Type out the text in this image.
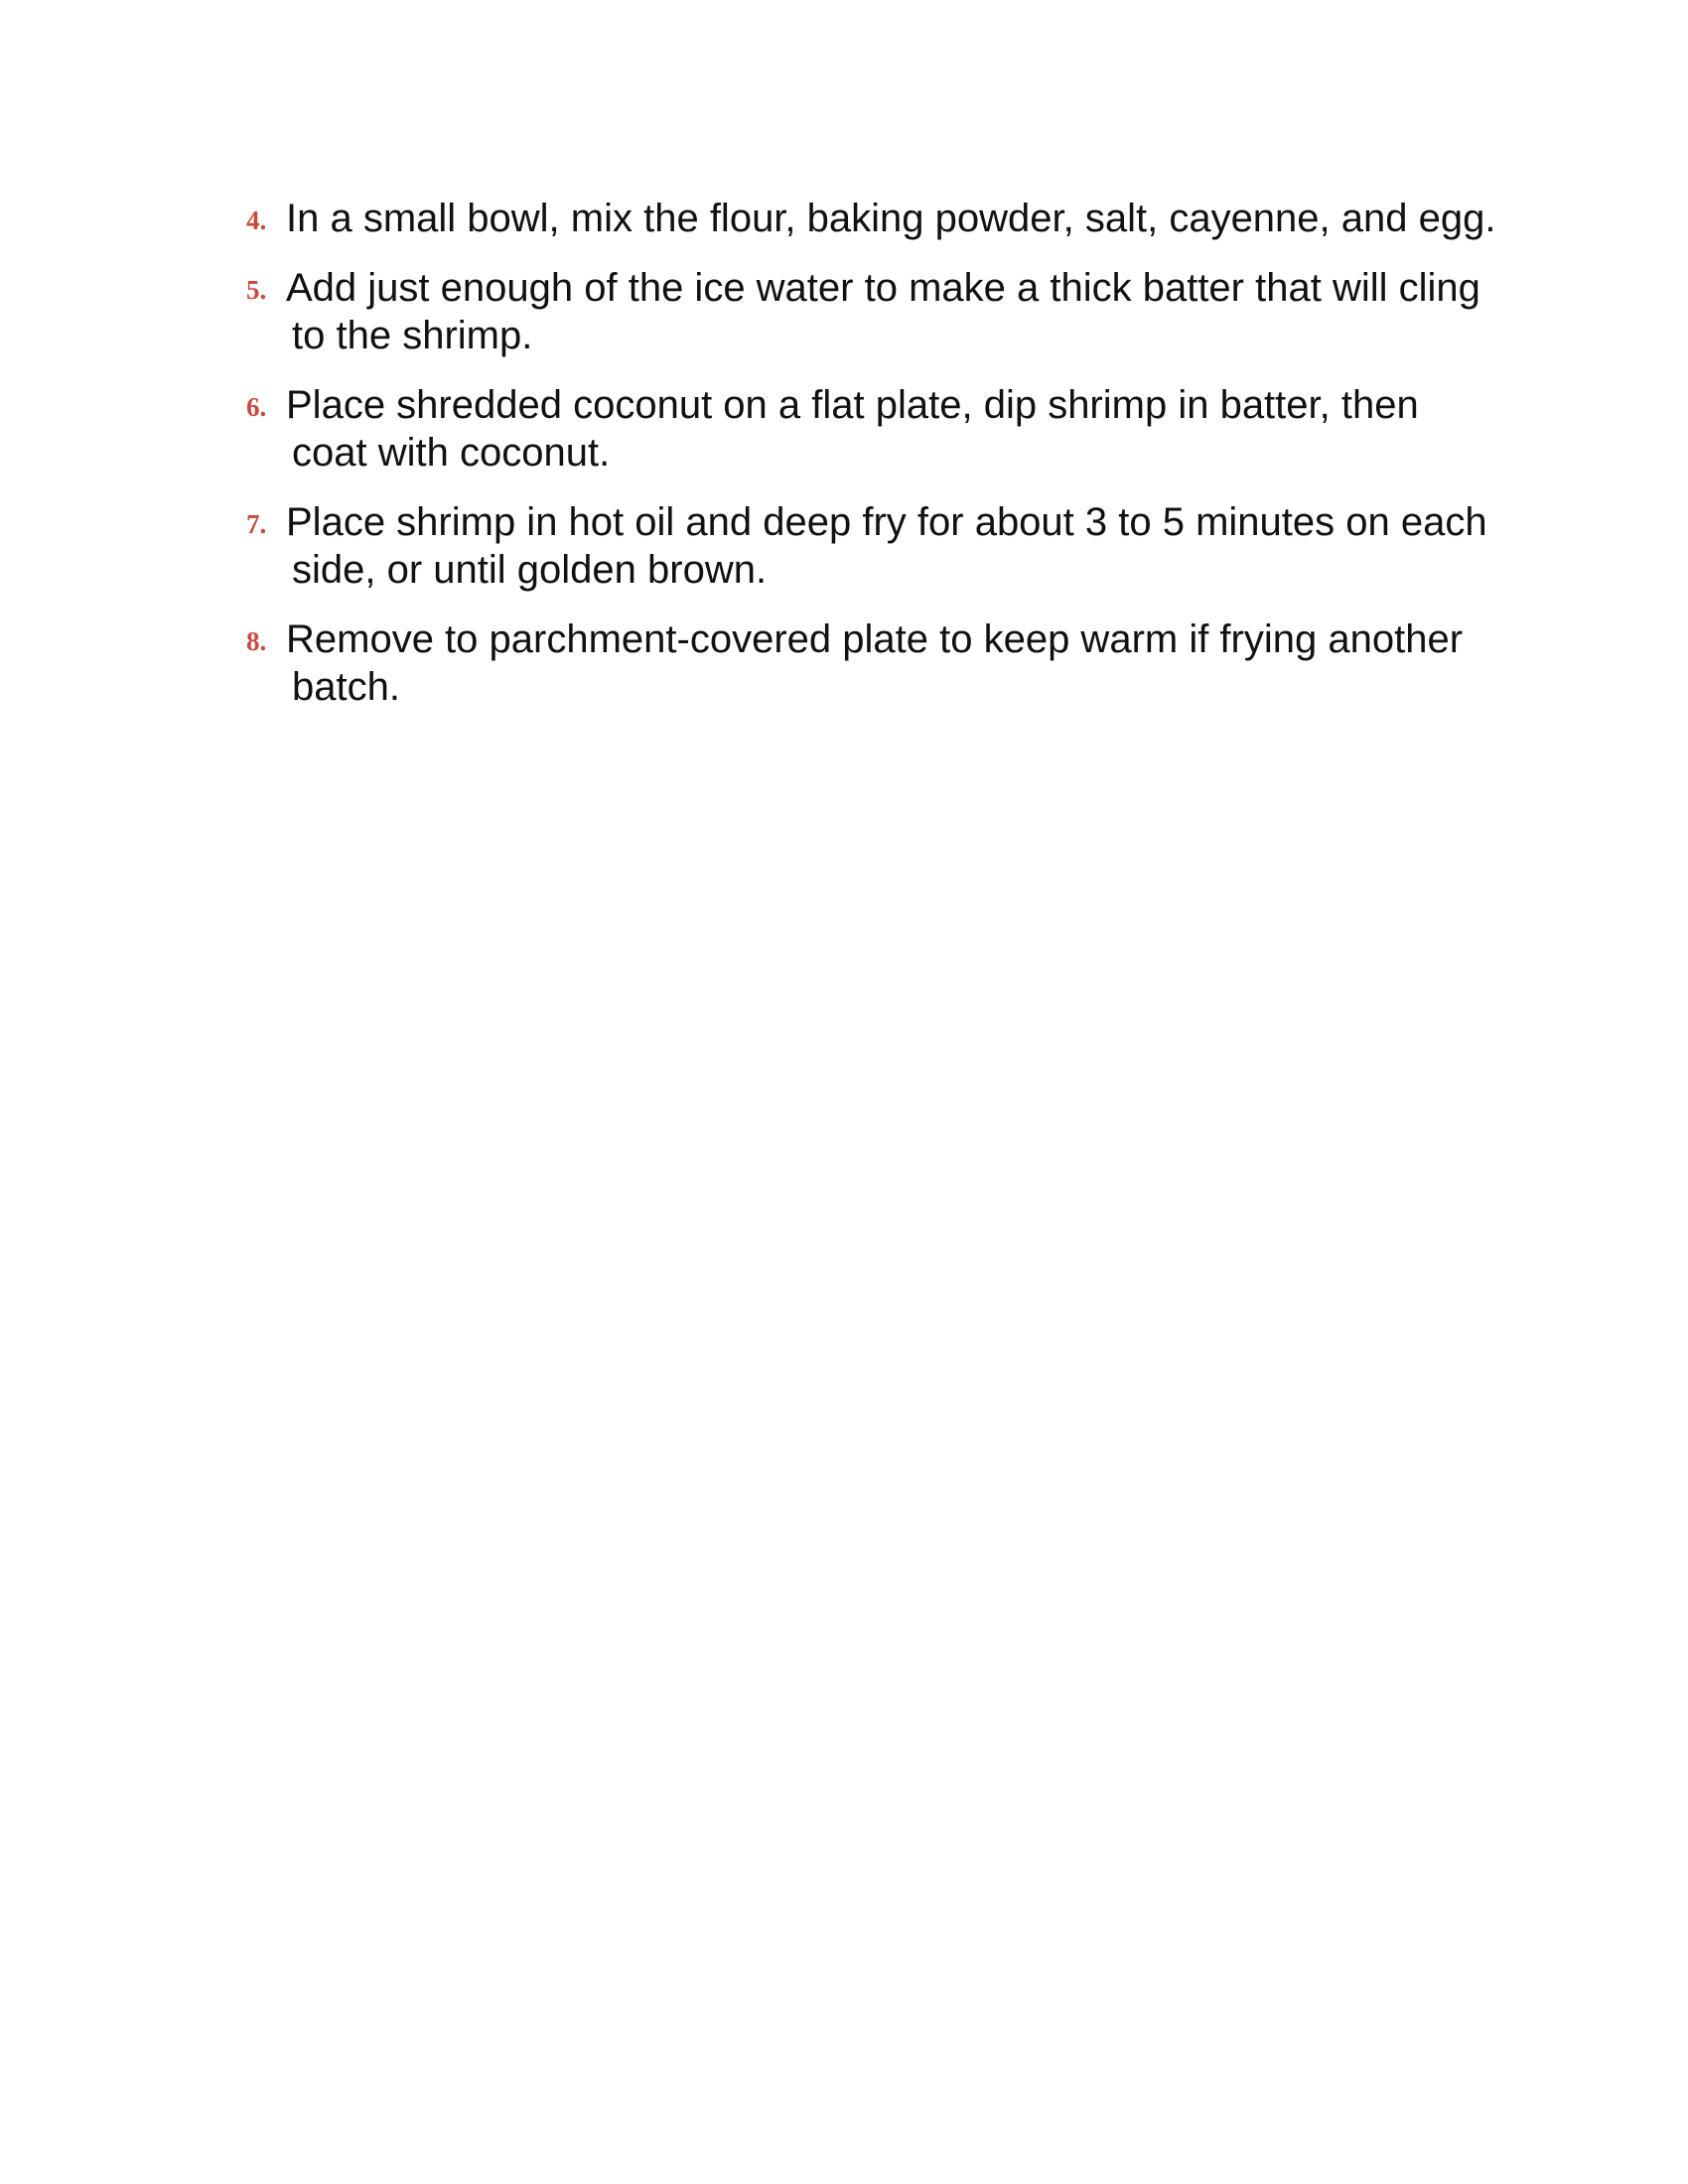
4. In a small bowl, mix the flour, baking powder, salt, cayenne, and egg.
5. Add just enough of the ice water to make a thick batter that will cling to the shrimp.
6. Place shredded coconut on a flat plate, dip shrimp in batter, then coat with coconut.
7. Place shrimp in hot oil and deep fry for about 3 to 5 minutes on each side, or until golden brown.
8. Remove to parchment-covered plate to keep warm if frying another batch.
